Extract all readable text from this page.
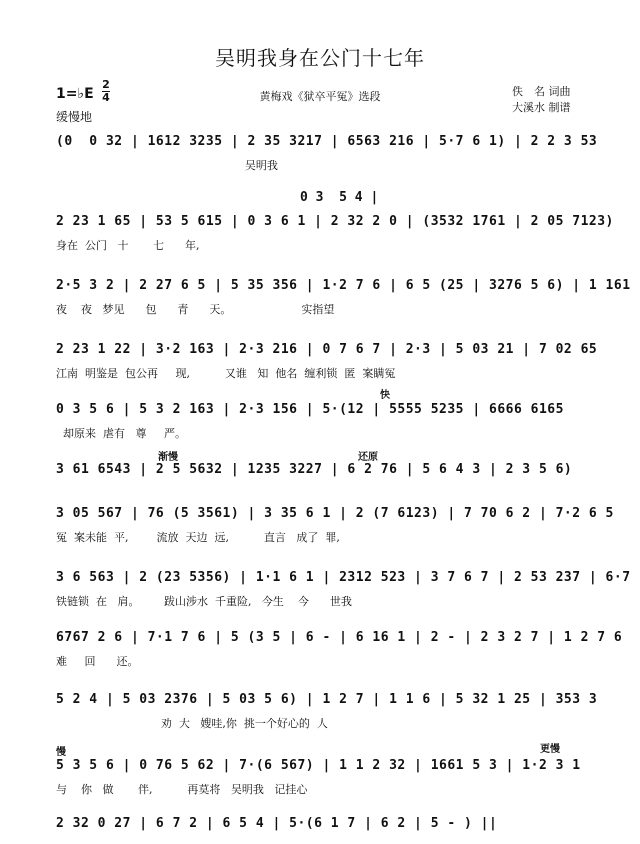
吴明我身在公门十七年
1=♭E
2
4
缓慢地
黄梅戏《狱卒平冤》选段	佚　名 词曲
大溪水 制谱
0 3  5 4 |
快
渐慢	还原
慢	更慢
(0  0 32 | 1612 3235 | 2 35 3217 | 6563 216 | 5·7 6 1) | 2 2 3 53
吴明我
2 23 1 65 | 53 5 615 | 0 3 6 1 | 2 32 2 0 | (3532 1761 | 2 05 7123)
身在  公门   十       七      年,
2·5 3 2 | 2 27 6 5 | 5 35 356 | 1·2 7 6 | 6 5 (25 | 3276 5 6) | 1 161
夜    夜   梦见      包      青      天。                    实指望
2 23 1 22 | 3·2 163 | 2·3 216 | 0 7 6 7 | 2·3 | 5 03 21 | 7 02 65
江南  明鉴是  包公再     现,          又谁   知  他名  缠利锁  匿  案瞒冤
0 3 5 6 | 5 3 2 163 | 2·3 156 | 5·(12 | 5555 5235 | 6666 6165
却原来  虐有   尊     严。
3 61 6543 | 2 5 5632 | 1235 3227 | 6 2 76 | 5 6 4 3 | 2 3 5 6)
3 05 567 | 76 (5 3561) | 3 35 6 1 | 2 (7 6123) | 7 70 6 2 | 7·2 6 5
冤  案未能  平,        流放  天边  远,          直言   成了  罪,
3 6 563 | 2 (23 5356) | 1·1 6 1 | 2312 523 | 3 7 6 7 | 2 53 237 | 6·7
铁链锁  在   肩。       跋山涉水  千重险,   今生    今      世我
6767 2 6 | 7·1 7 6 | 5 (3 5 | 6 - | 6 16 1 | 2 - | 2 3 2 7 | 1 2 7 6
难     回      还。
5 2 4 | 5 03 2376 | 5 03 5 6) | 1 2 7 | 1 1 6 | 5 32 1 25 | 353 3
劝  大   嫂哇,你  挑一个好心的  人
5 3 5 6 | 0 76 5 62 | 7·(6 567) | 1 1 2 32 | 1661 5 3 | 1·2 3 1
与    你   做       伴,          再莫将   吴明我   记挂心
2 32 0 27 | 6 7 2 | 6 5 4 | 5·(6 1 7 | 6 2 | 5 - ) ||
